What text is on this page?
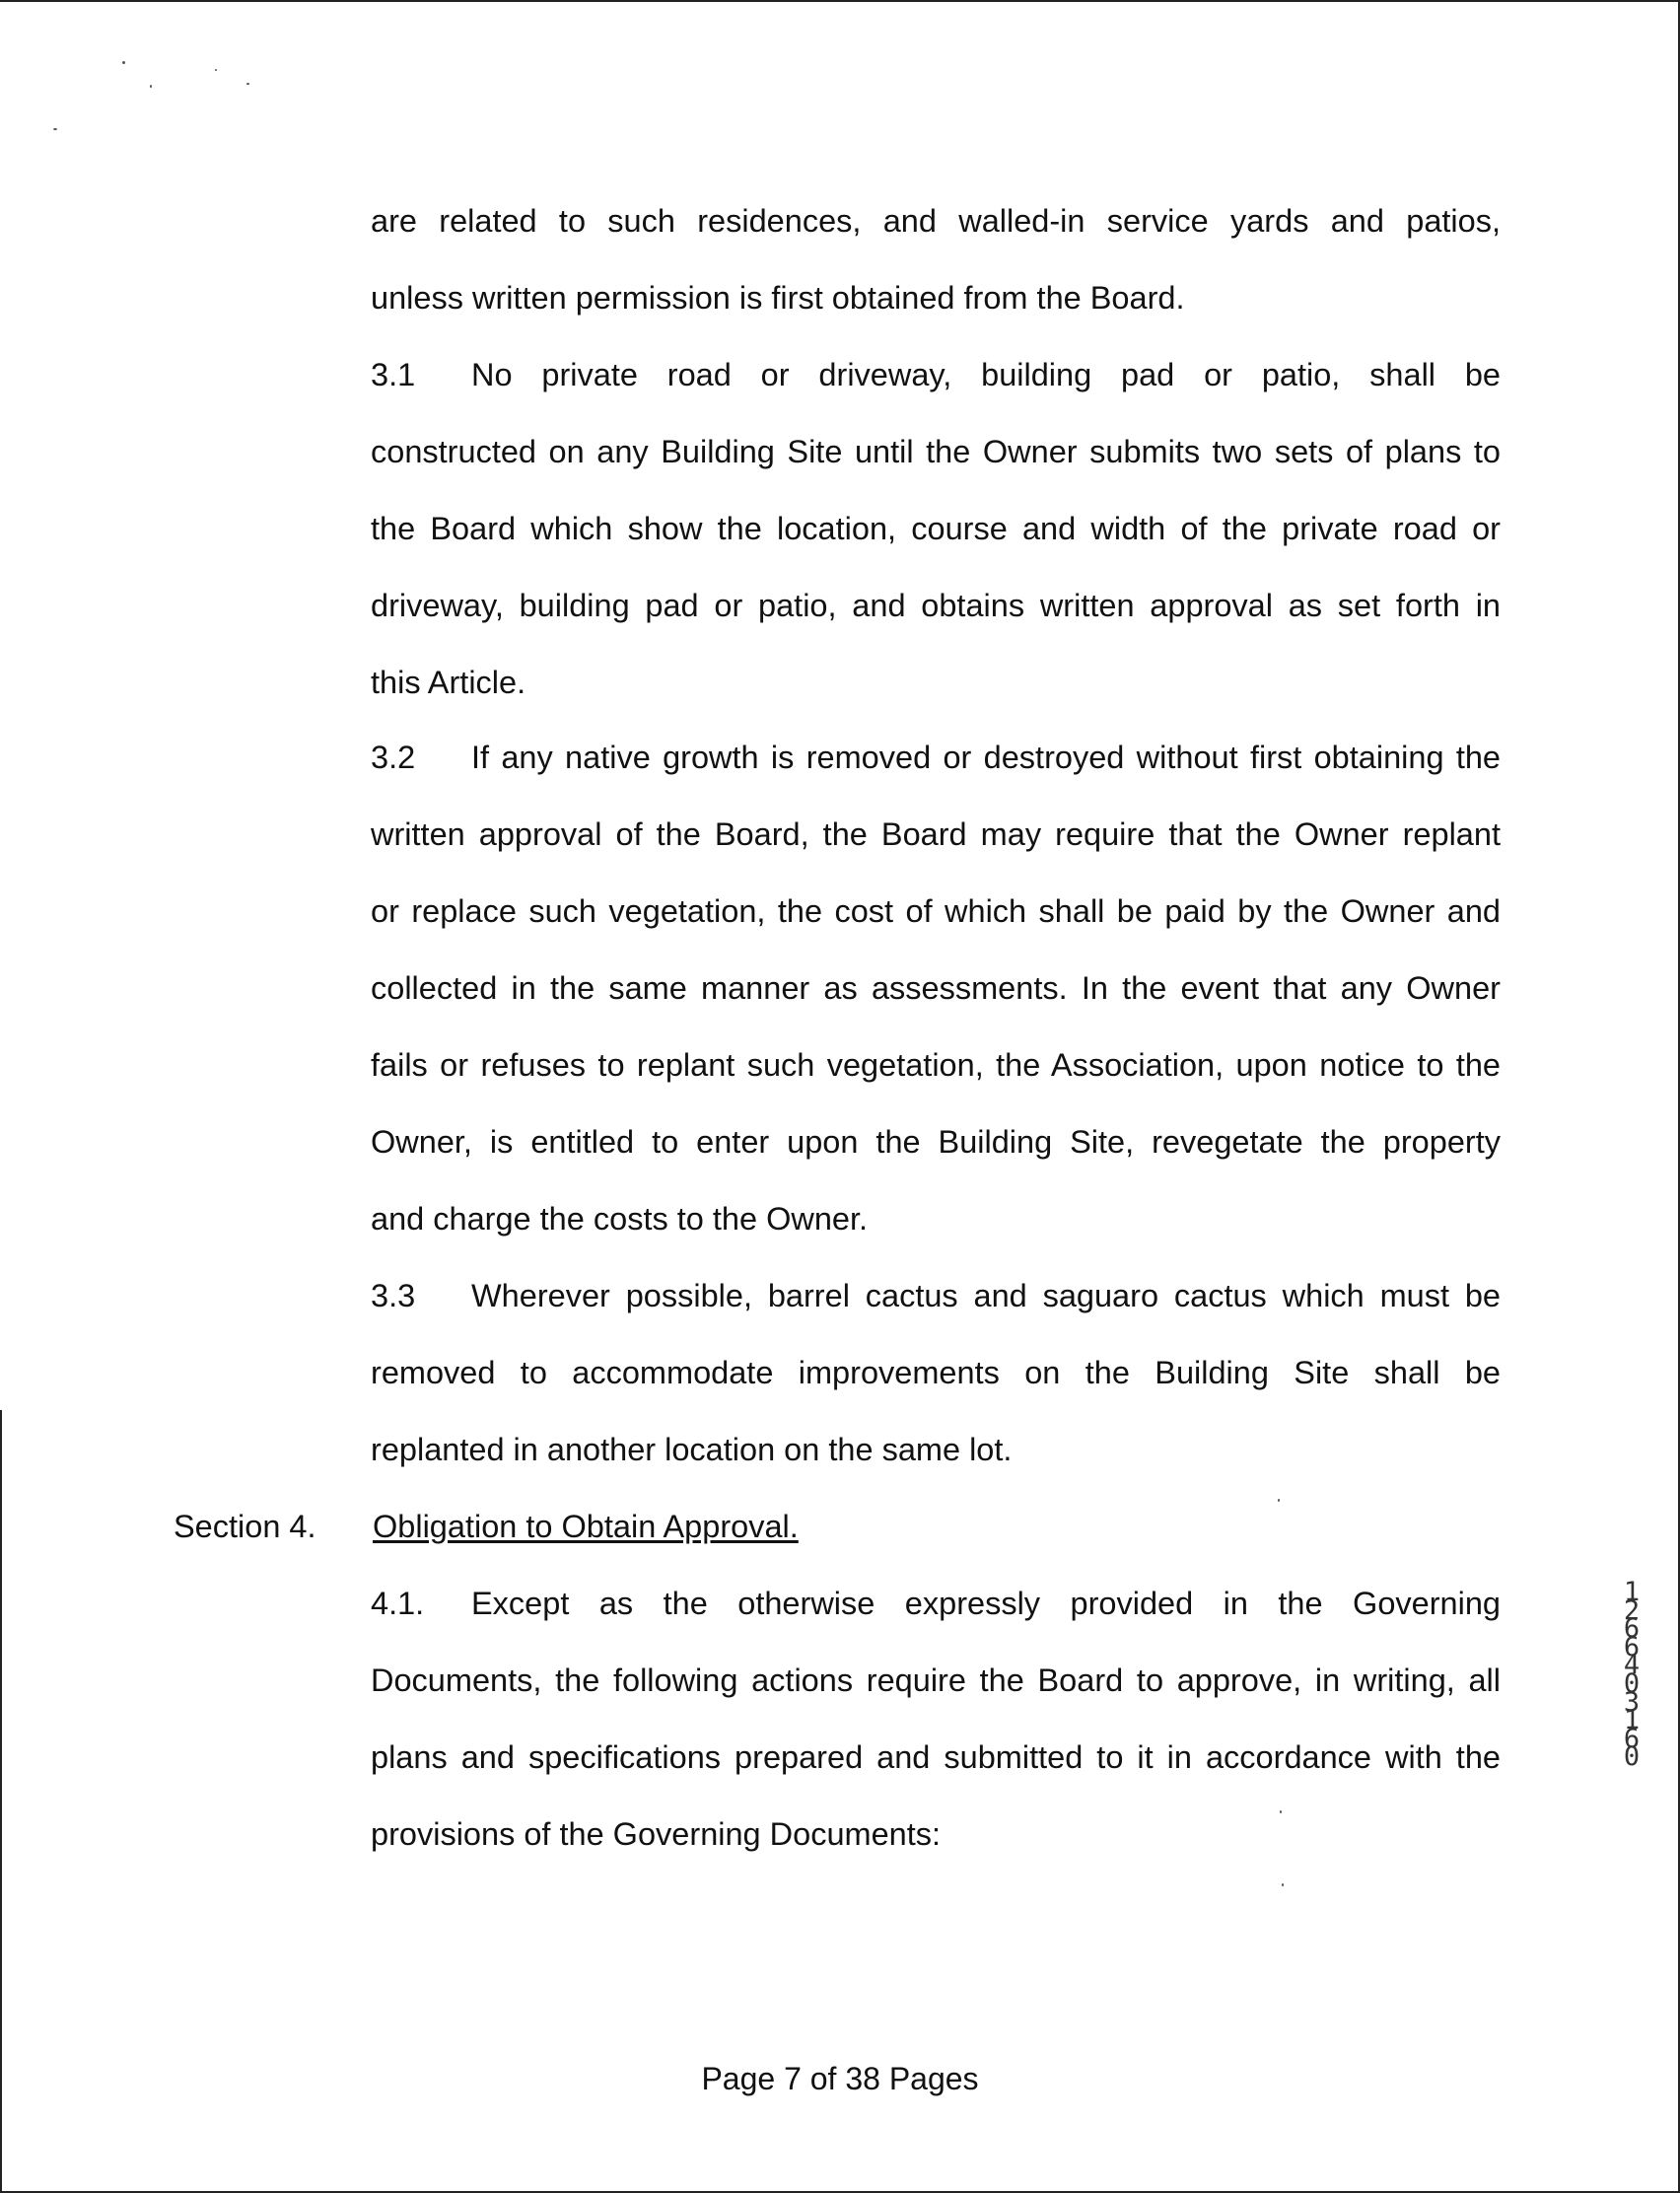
are related to such residences, and walled-in service yards and patios,
unless written permission is first obtained from the Board.
3.1 No private road or driveway, building pad or patio, shall be
constructed on any Building Site until the Owner submits two sets of plans to
the Board which show the location, course and width of the private road or
driveway, building pad or patio, and obtains written approval as set forth in
this Article.
3.2 If any native growth is removed or destroyed without first obtaining the
written approval of the Board, the Board may require that the Owner replant
or replace such vegetation, the cost of which shall be paid by the Owner and
collected in the same manner as assessments. In the event that any Owner
fails or refuses to replant such vegetation, the Association, upon notice to the
Owner, is entitled to enter upon the Building Site, revegetate the property
and charge the costs to the Owner.
3.3 Wherever possible, barrel cactus and saguaro cactus which must be
removed to accommodate improvements on the Building Site shall be
replanted in another location on the same lot.
Section 4. Obligation to Obtain Approval.
4.1. Except as the otherwise expressly provided in the Governing
Documents, the following actions require the Board to approve, in writing, all
plans and specifications prepared and submitted to it in accordance with the
provisions of the Governing Documents:
12664 03160
Page 7 of 38 Pages
